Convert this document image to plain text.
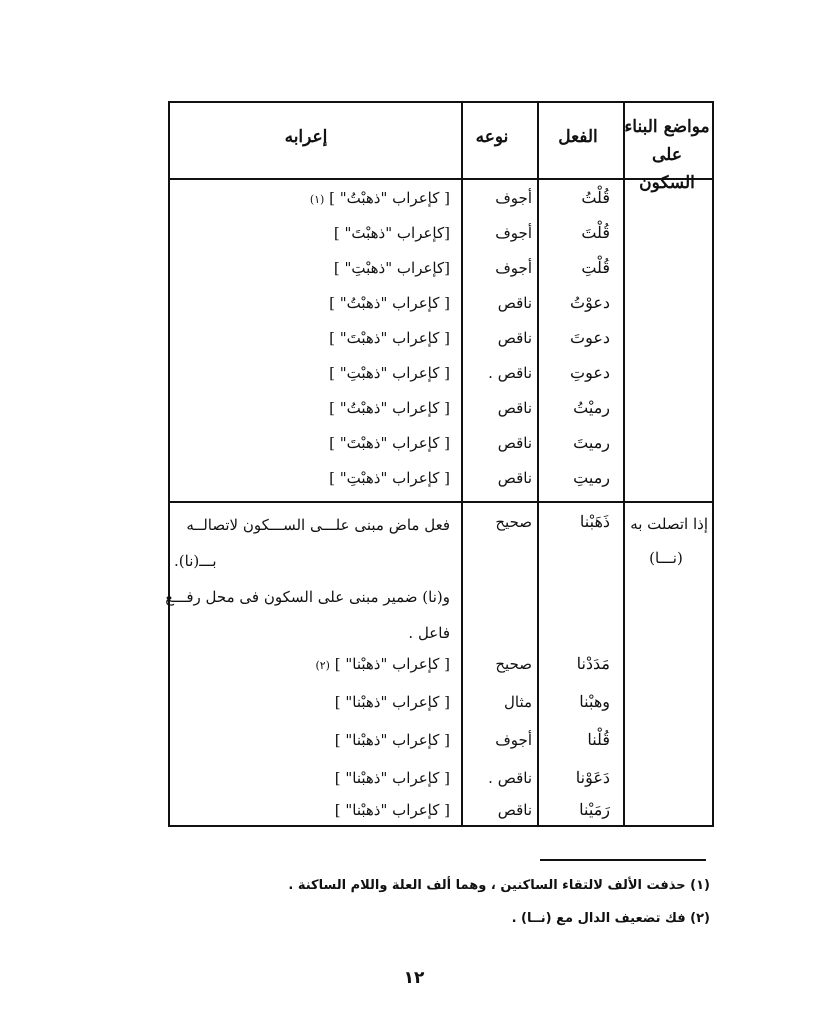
مواضع البناء
على السكون
الفعل
نوعه
إعرابه
قُلْتُ
أجوف
[ كإعراب "ذهبْتُ" ] (١)
قُلْتَ
أجوف
[كإعراب "ذهبْتَ" ]
قُلْتِ
أجوف
[كإعراب "ذهبْتِ" ]
دعوْتُ
ناقص
[ كإعراب "ذهبْتُ" ]
دعوتَ
ناقص
[ كإعراب "ذهبْتَ" ]
دعوتِ
ناقص .
[ كإعراب "ذهبْتِ" ]
رميْتُ
ناقص
[ كإعراب "ذهبْتُ" ]
رميتَ
ناقص
[ كإعراب "ذهبْتَ" ]
رميتِ
ناقص
[ كإعراب "ذهبْتِ" ]
إذا اتصلت به
(نـــا)
ذَهَبْنا
صحيح
فعل ماض مبنى علـــى الســـكون لاتصالــه
بـــ(نا).
و(نا) ضمير مبنى على السكون فى محل رفـــع
فاعل .
مَدَدْنا
صحيح
[ كإعراب "ذهبْنا" ] (٢)
وهبْنا
مثال
[ كإعراب "ذهبْنا" ]
قُلْنا
أجوف
[ كإعراب "ذهبْنا" ]
دَعَوْنا
ناقص .
[ كإعراب "ذهبْنا" ]
رَمَيْنا
ناقص
[ كإعراب "ذهبْنا" ]
(١) حذفت الألف لالتقاء الساكنين ، وهما ألف العلة واللام الساكنة .
(٢) فك تضعيف الدال مع (نــا) .
١٢
